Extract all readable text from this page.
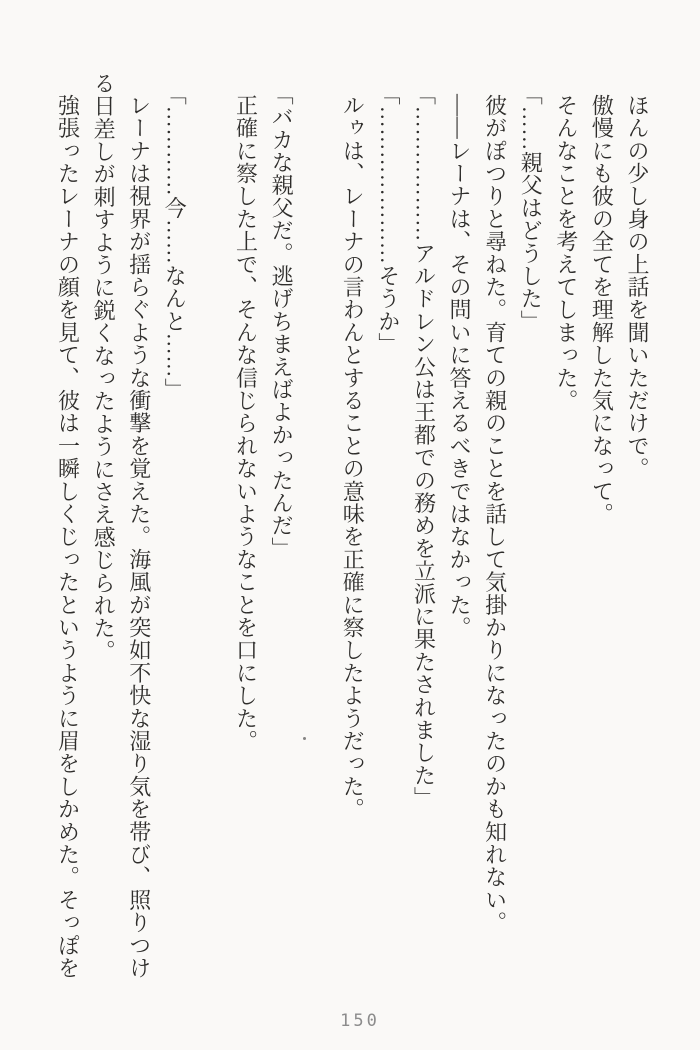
ほんの少し身の上話を聞いただけで。

傲慢にも彼の全てを理解した気になって。

そんなことを考えてしまった。

「……親父はどうした」

彼がぽつりと尋ねた。育ての親のことを話して気掛かりになったのかも知れない。

――レーナは、その問いに答えるべきではなかった。

「………………アルドレン公は王都での務めを立派に果たされました」

「…………………そうか」

ルゥは、レーナの言わんとすることの意味を正確に察したようだった。

「バカな親父だ。逃げちまえばよかったんだ」

正確に察した上で、そんな信じられないようなことを口にした。

「…………今……なんと……」

レーナは視界が揺らぐような衝撃を覚えた。海風が突如不快な湿り気を帯び、照りつける日差しが刺すように鋭くなったようにさえ感じられた。

強張ったレーナの顔を見て、彼は一瞬しくじったというように眉をしかめた。そっぽを

150
